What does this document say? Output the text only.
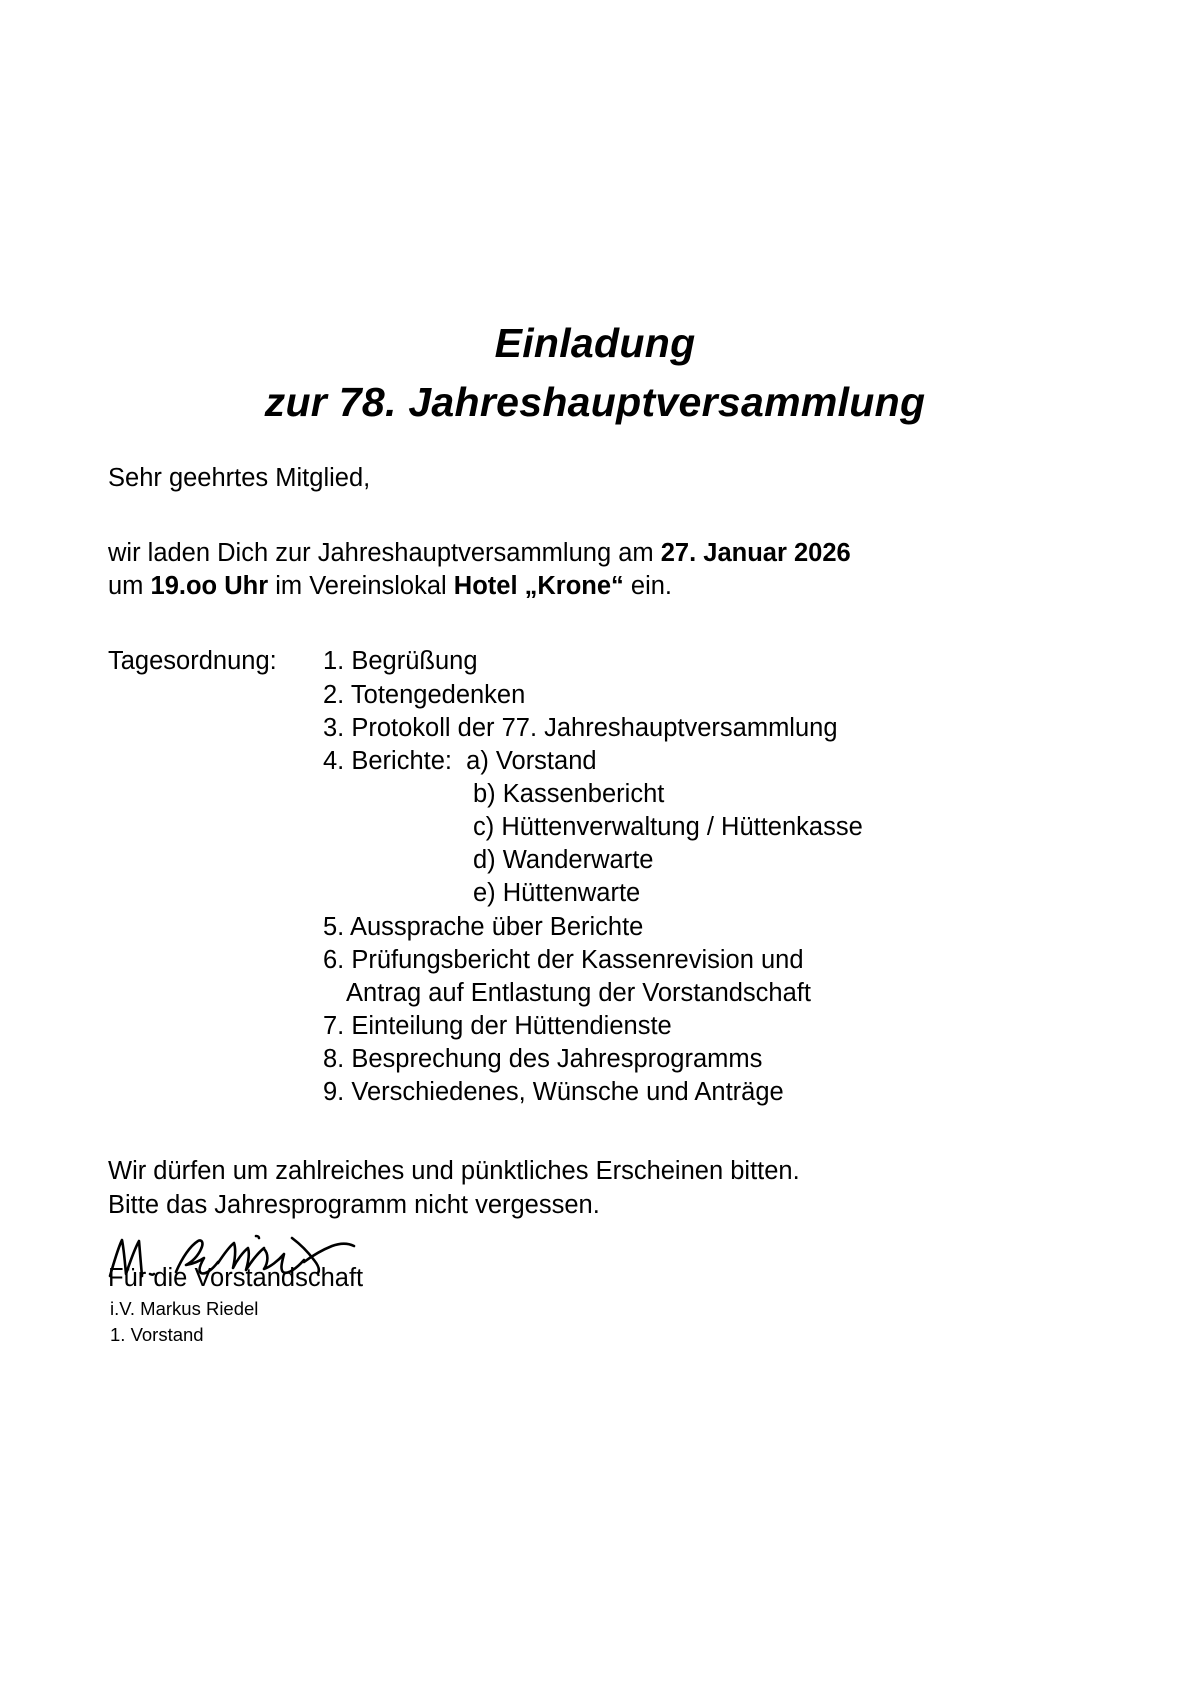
Einladung
zur 78. Jahreshauptversammlung
Sehr geehrtes Mitglied,
wir laden Dich zur Jahreshauptversammlung am 27. Januar 2026
um 19.oo Uhr im Vereinslokal Hotel „Krone“ ein.
Tagesordnung:	1. Begrüßung
2. Totengedenken
3. Protokoll der 77. Jahreshauptversammlung
4. Berichte:  a) Vorstand
b) Kassenbericht
c) Hüttenverwaltung / Hüttenkasse
d) Wanderwarte
e) Hüttenwarte
5. Aussprache über Berichte
6. Prüfungsbericht der Kassenrevision und
Antrag auf Entlastung der Vorstandschaft
7. Einteilung der Hüttendienste
8. Besprechung des Jahresprogramms
9. Verschiedenes, Wünsche und Anträge
Wir dürfen um zahlreiches und pünktliches Erscheinen bitten.
Bitte das Jahresprogramm nicht vergessen.
Für die Vorstandschaft
i.V. Markus Riedel
1. Vorstand
